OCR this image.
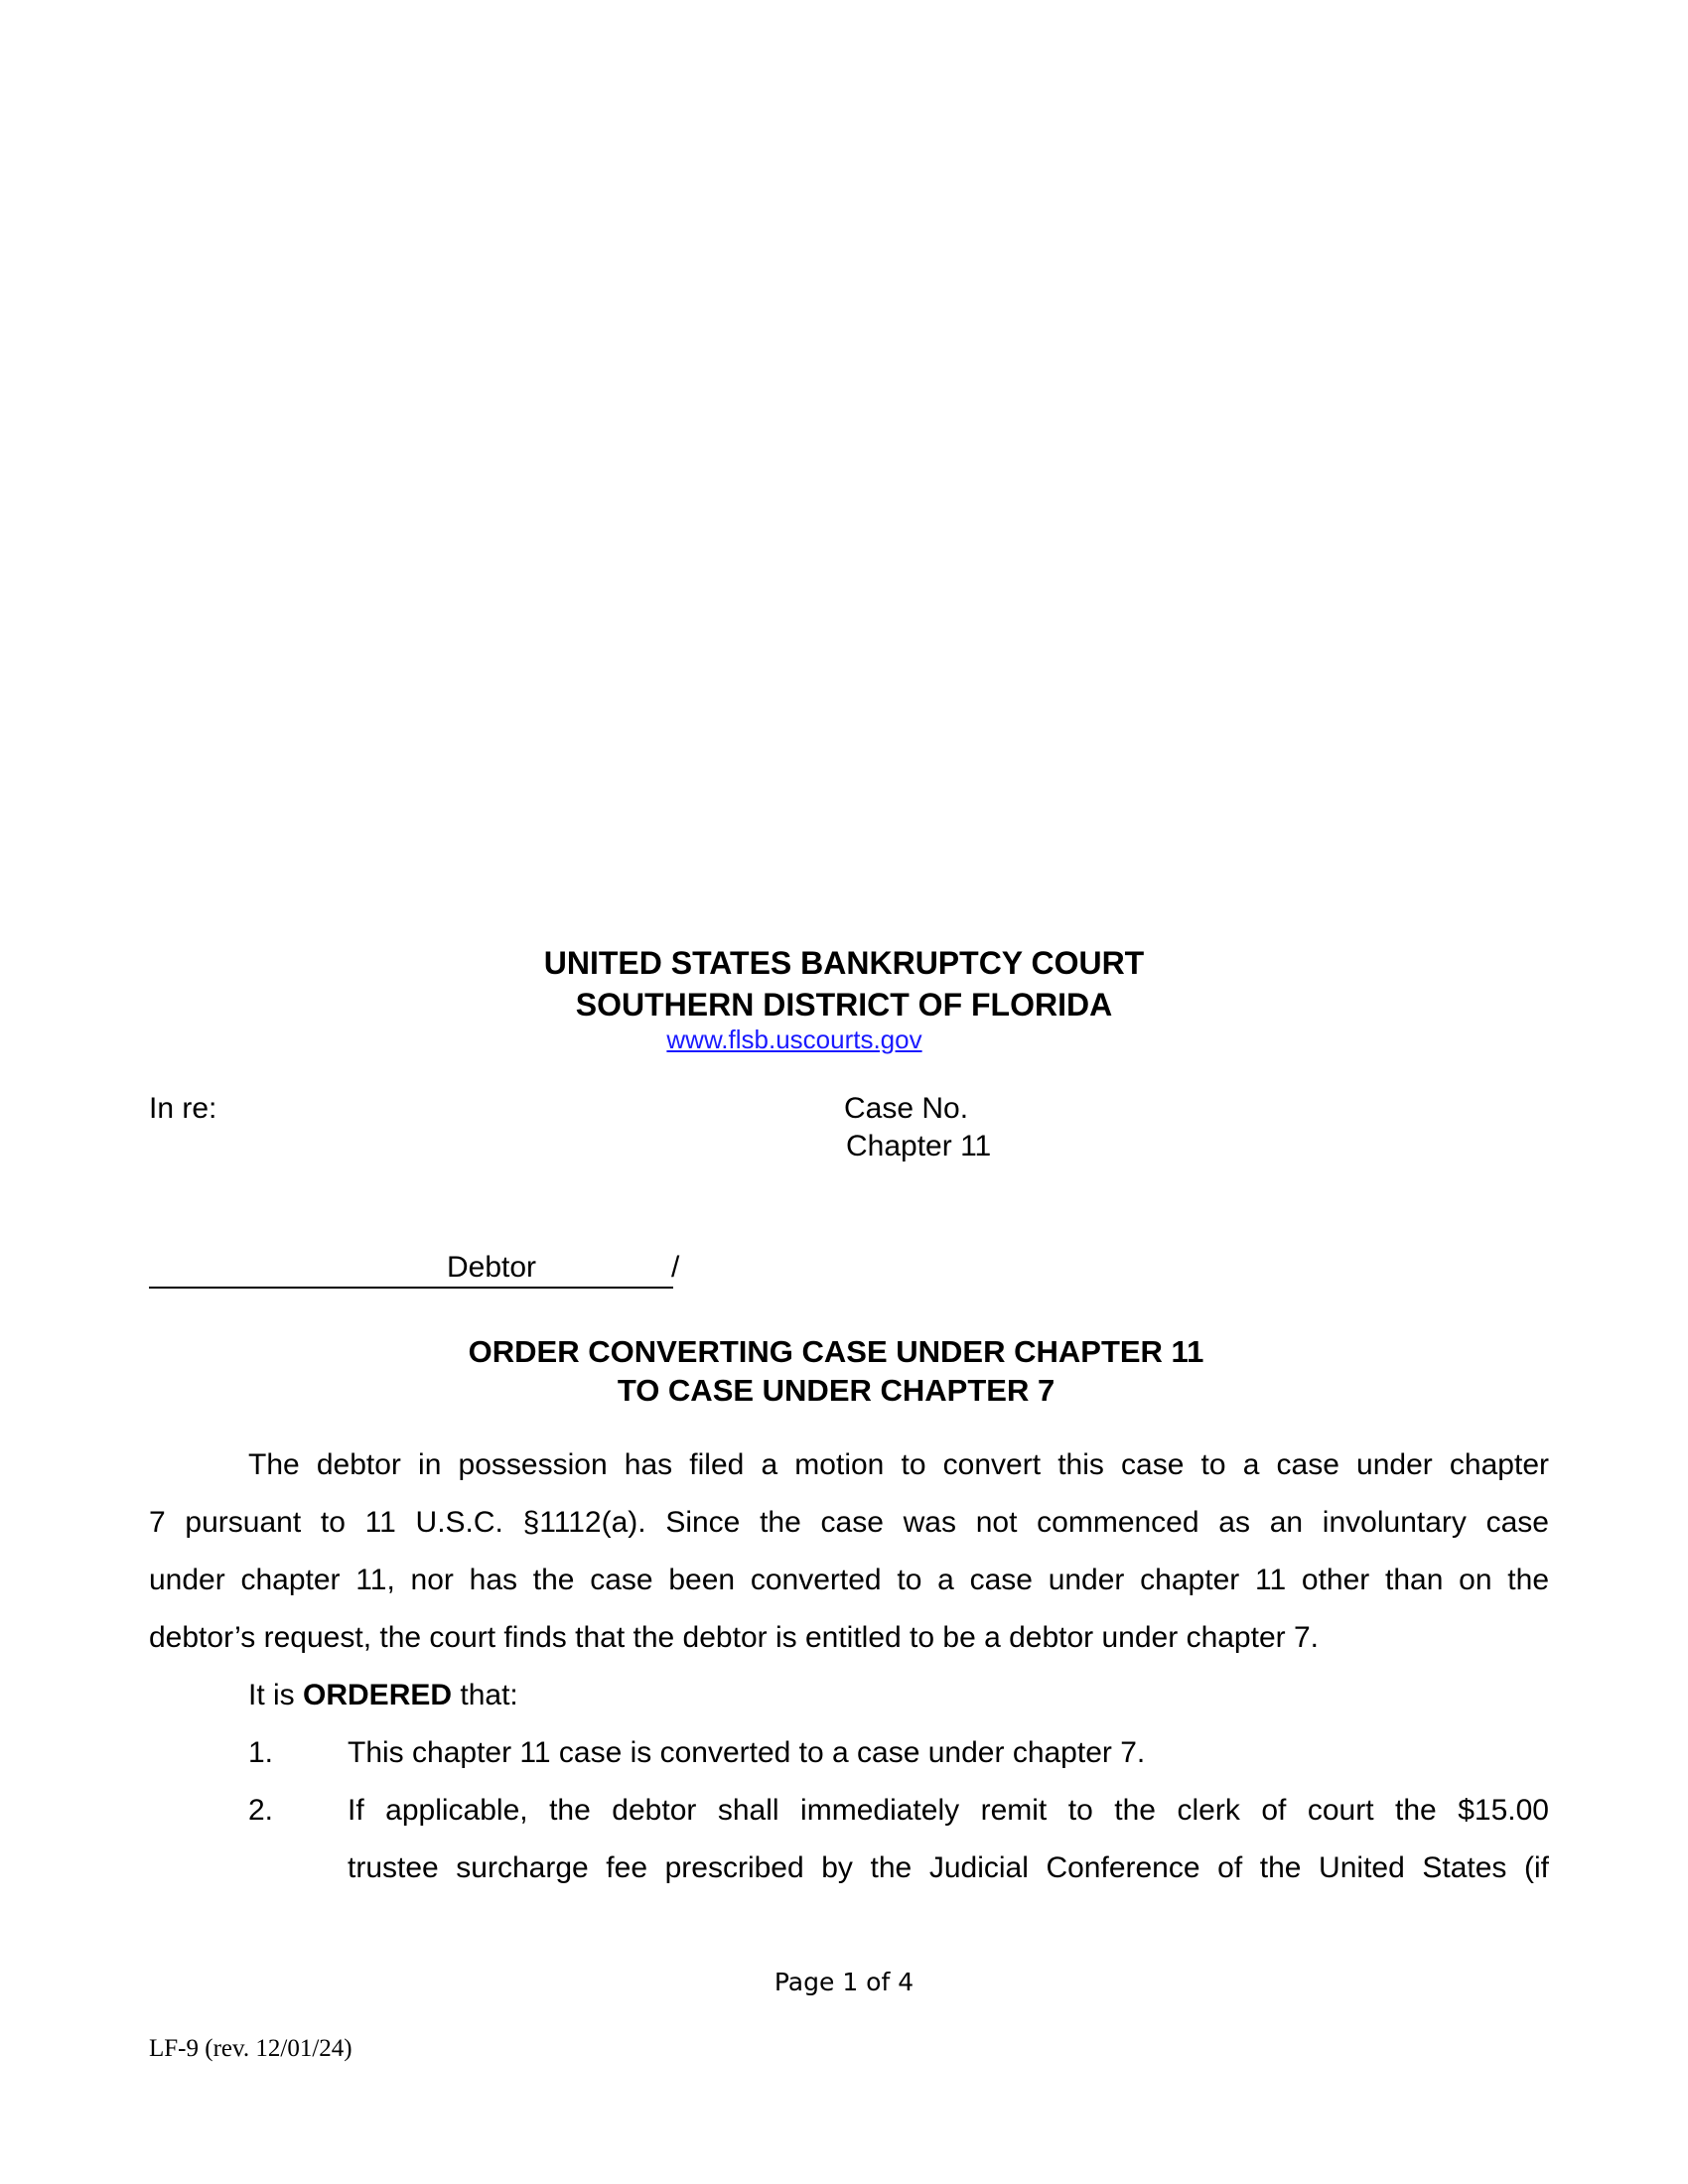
UNITED STATES BANKRUPTCY COURT
SOUTHERN DISTRICT OF FLORIDA
www.flsb.uscourts.gov
In re:	Case No.
Chapter 11
Debtor	/
ORDER CONVERTING CASE UNDER CHAPTER 11
TO CASE UNDER CHAPTER 7
The debtor in possession has filed a motion to convert this case to a case under chapter
7 pursuant to 11 U.S.C. §1112(a). Since the case was not commenced as an involuntary case
under chapter 11, nor has the case been converted to a case under chapter 11 other than on the
debtor’s request, the court finds that the debtor is entitled to be a debtor under chapter 7.
It is ORDERED that:
1. This chapter 11 case is converted to a case under chapter 7.
2. If applicable, the debtor shall immediately remit to the clerk of court the $15.00
trustee surcharge fee prescribed by the Judicial Conference of the United States (if
Page 1 of 4
LF-9 (rev. 12/01/24)
